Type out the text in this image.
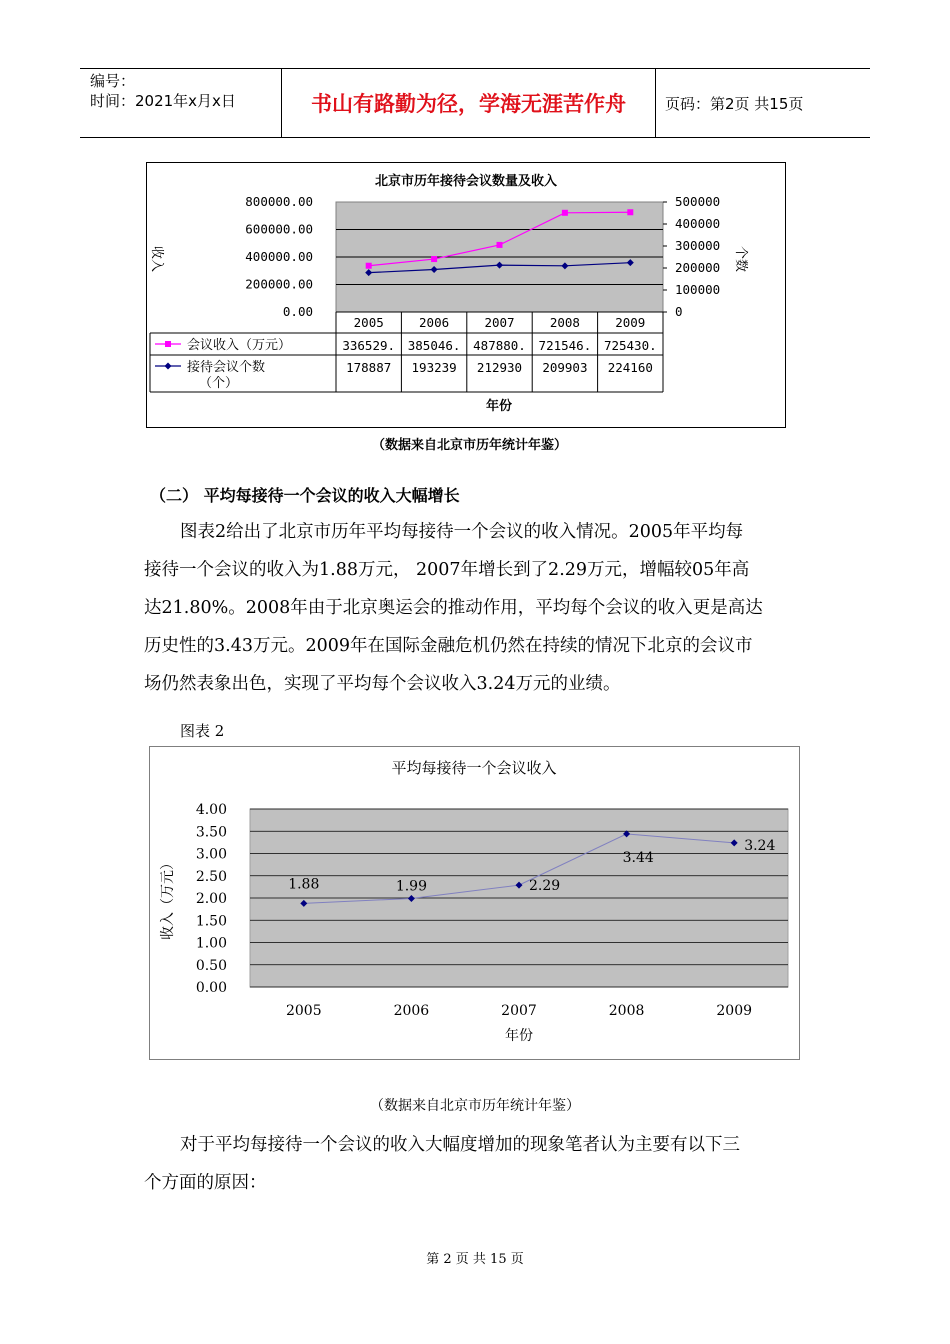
编号：
时间：2021年x月x日	书山有路勤为径，学海无涯苦作舟	页码：第2页 共15页
北京市历年接待会议数量及收入
800000.00
600000.00
400000.00
200000.00
0.00
500000
400000
300000
200000
100000
0
收入	个数
2005	2006	2007	2008	2009
会议收入（万元）	336529. 385046. 487880. 721546. 725430.
接待会议个数
（个）
178887 193239 212930 209903 224160
年份
（数据来自北京市历年统计年鉴）
（二） 平均每接待一个会议的收入大幅增长
图表2给出了北京市历年平均每接待一个会议的收入情况。2005年平均每
接待一个会议的收入为1.88万元， 2007年增长到了2.29万元，增幅较05年高
达21.80%。2008年由于北京奥运会的推动作用，平均每个会议的收入更是高达
历史性的3.43万元。2009年在国际金融危机仍然在持续的情况下北京的会议市
场仍然表象出色，实现了平均每个会议收入3.24万元的业绩。
图表 2
平均每接待一个会议收入
4.00
3.50
3.00
2.50
2.00
1.50
1.00
0.50
0.00
收入（万元）
2005	2006	2007	2008	2009
年份
1.88	1.99	2.29
3.44
3.24
（数据来自北京市历年统计年鉴）
对于平均每接待一个会议的收入大幅度增加的现象笔者认为主要有以下三
个方面的原因：
第 2 页 共 15 页
